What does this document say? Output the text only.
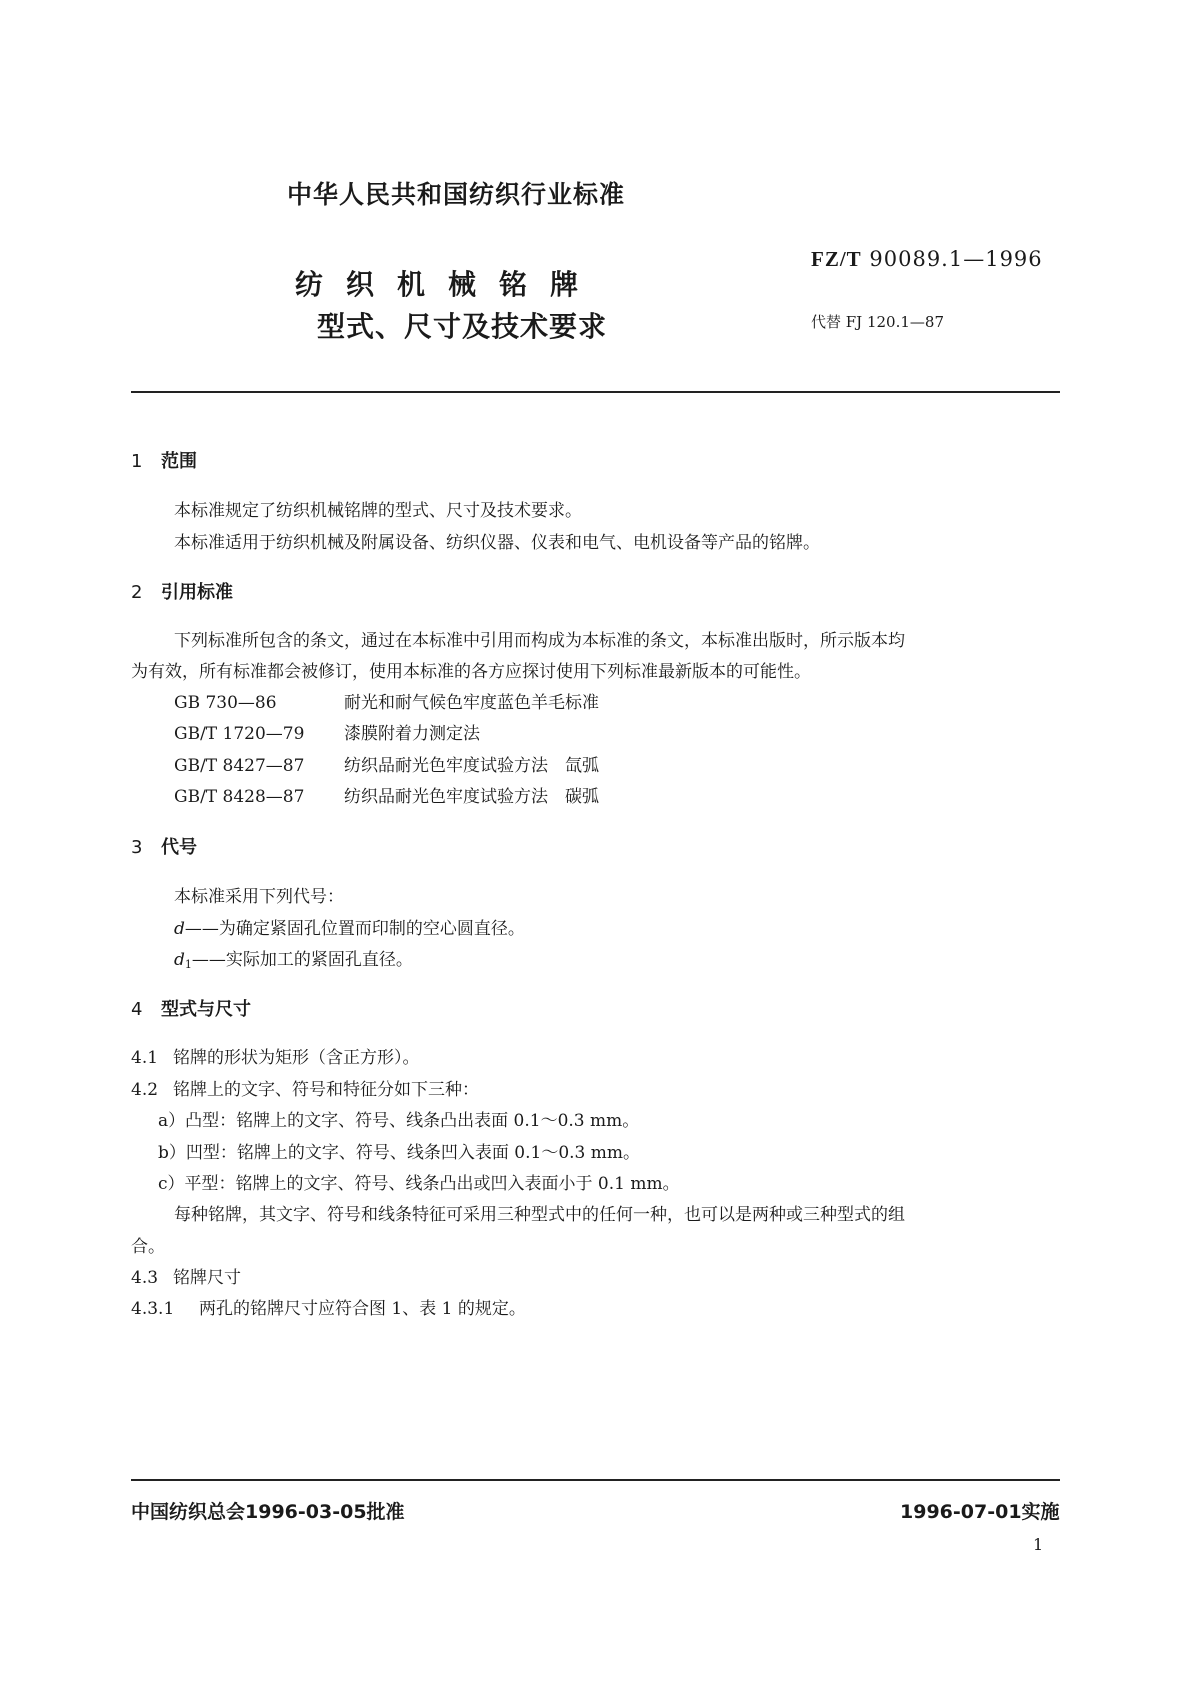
中华人民共和国纺织行业标准
纺织机械铭牌
型式、尺寸及技术要求
FZ/T 90089.1—1996
代替 FJ 120.1—87
1 范围
本标准规定了纺织机械铭牌的型式、尺寸及技术要求。
本标准适用于纺织机械及附属设备、纺织仪器、仪表和电气、电机设备等产品的铭牌。
2 引用标准
下列标准所包含的条文，通过在本标准中引用而构成为本标准的条文，本标准出版时，所示版本均
为有效，所有标准都会被修订，使用本标准的各方应探讨使用下列标准最新版本的可能性。
GB 730—86	耐光和耐气候色牢度蓝色羊毛标准
GB/T 1720—79 漆膜附着力测定法
GB/T 8427—87 纺织品耐光色牢度试验方法　氙弧
GB/T 8428—87 纺织品耐光色牢度试验方法　碳弧
3 代号
本标准采用下列代号：
d——为确定紧固孔位置而印制的空心圆直径。
$d_1——$实际加工的紧固孔直径。
4 型式与尺寸
4.1 铭牌的形状为矩形（含正方形）。
4.2 铭牌上的文字、符号和特征分如下三种：
a）凸型：铭牌上的文字、符号、线条凸出表面 0.1～0.3 mm。
b）凹型：铭牌上的文字、符号、线条凹入表面 0.1～0.3 mm。
c）平型：铭牌上的文字、符号、线条凸出或凹入表面小于 0.1 mm。
每种铭牌，其文字、符号和线条特征可采用三种型式中的任何一种，也可以是两种或三种型式的组
合。
4.3 铭牌尺寸
4.3.1 两孔的铭牌尺寸应符合图 1、表 1 的规定。
中国纺织总会1996-03-05批准	1996-07-01实施
1
